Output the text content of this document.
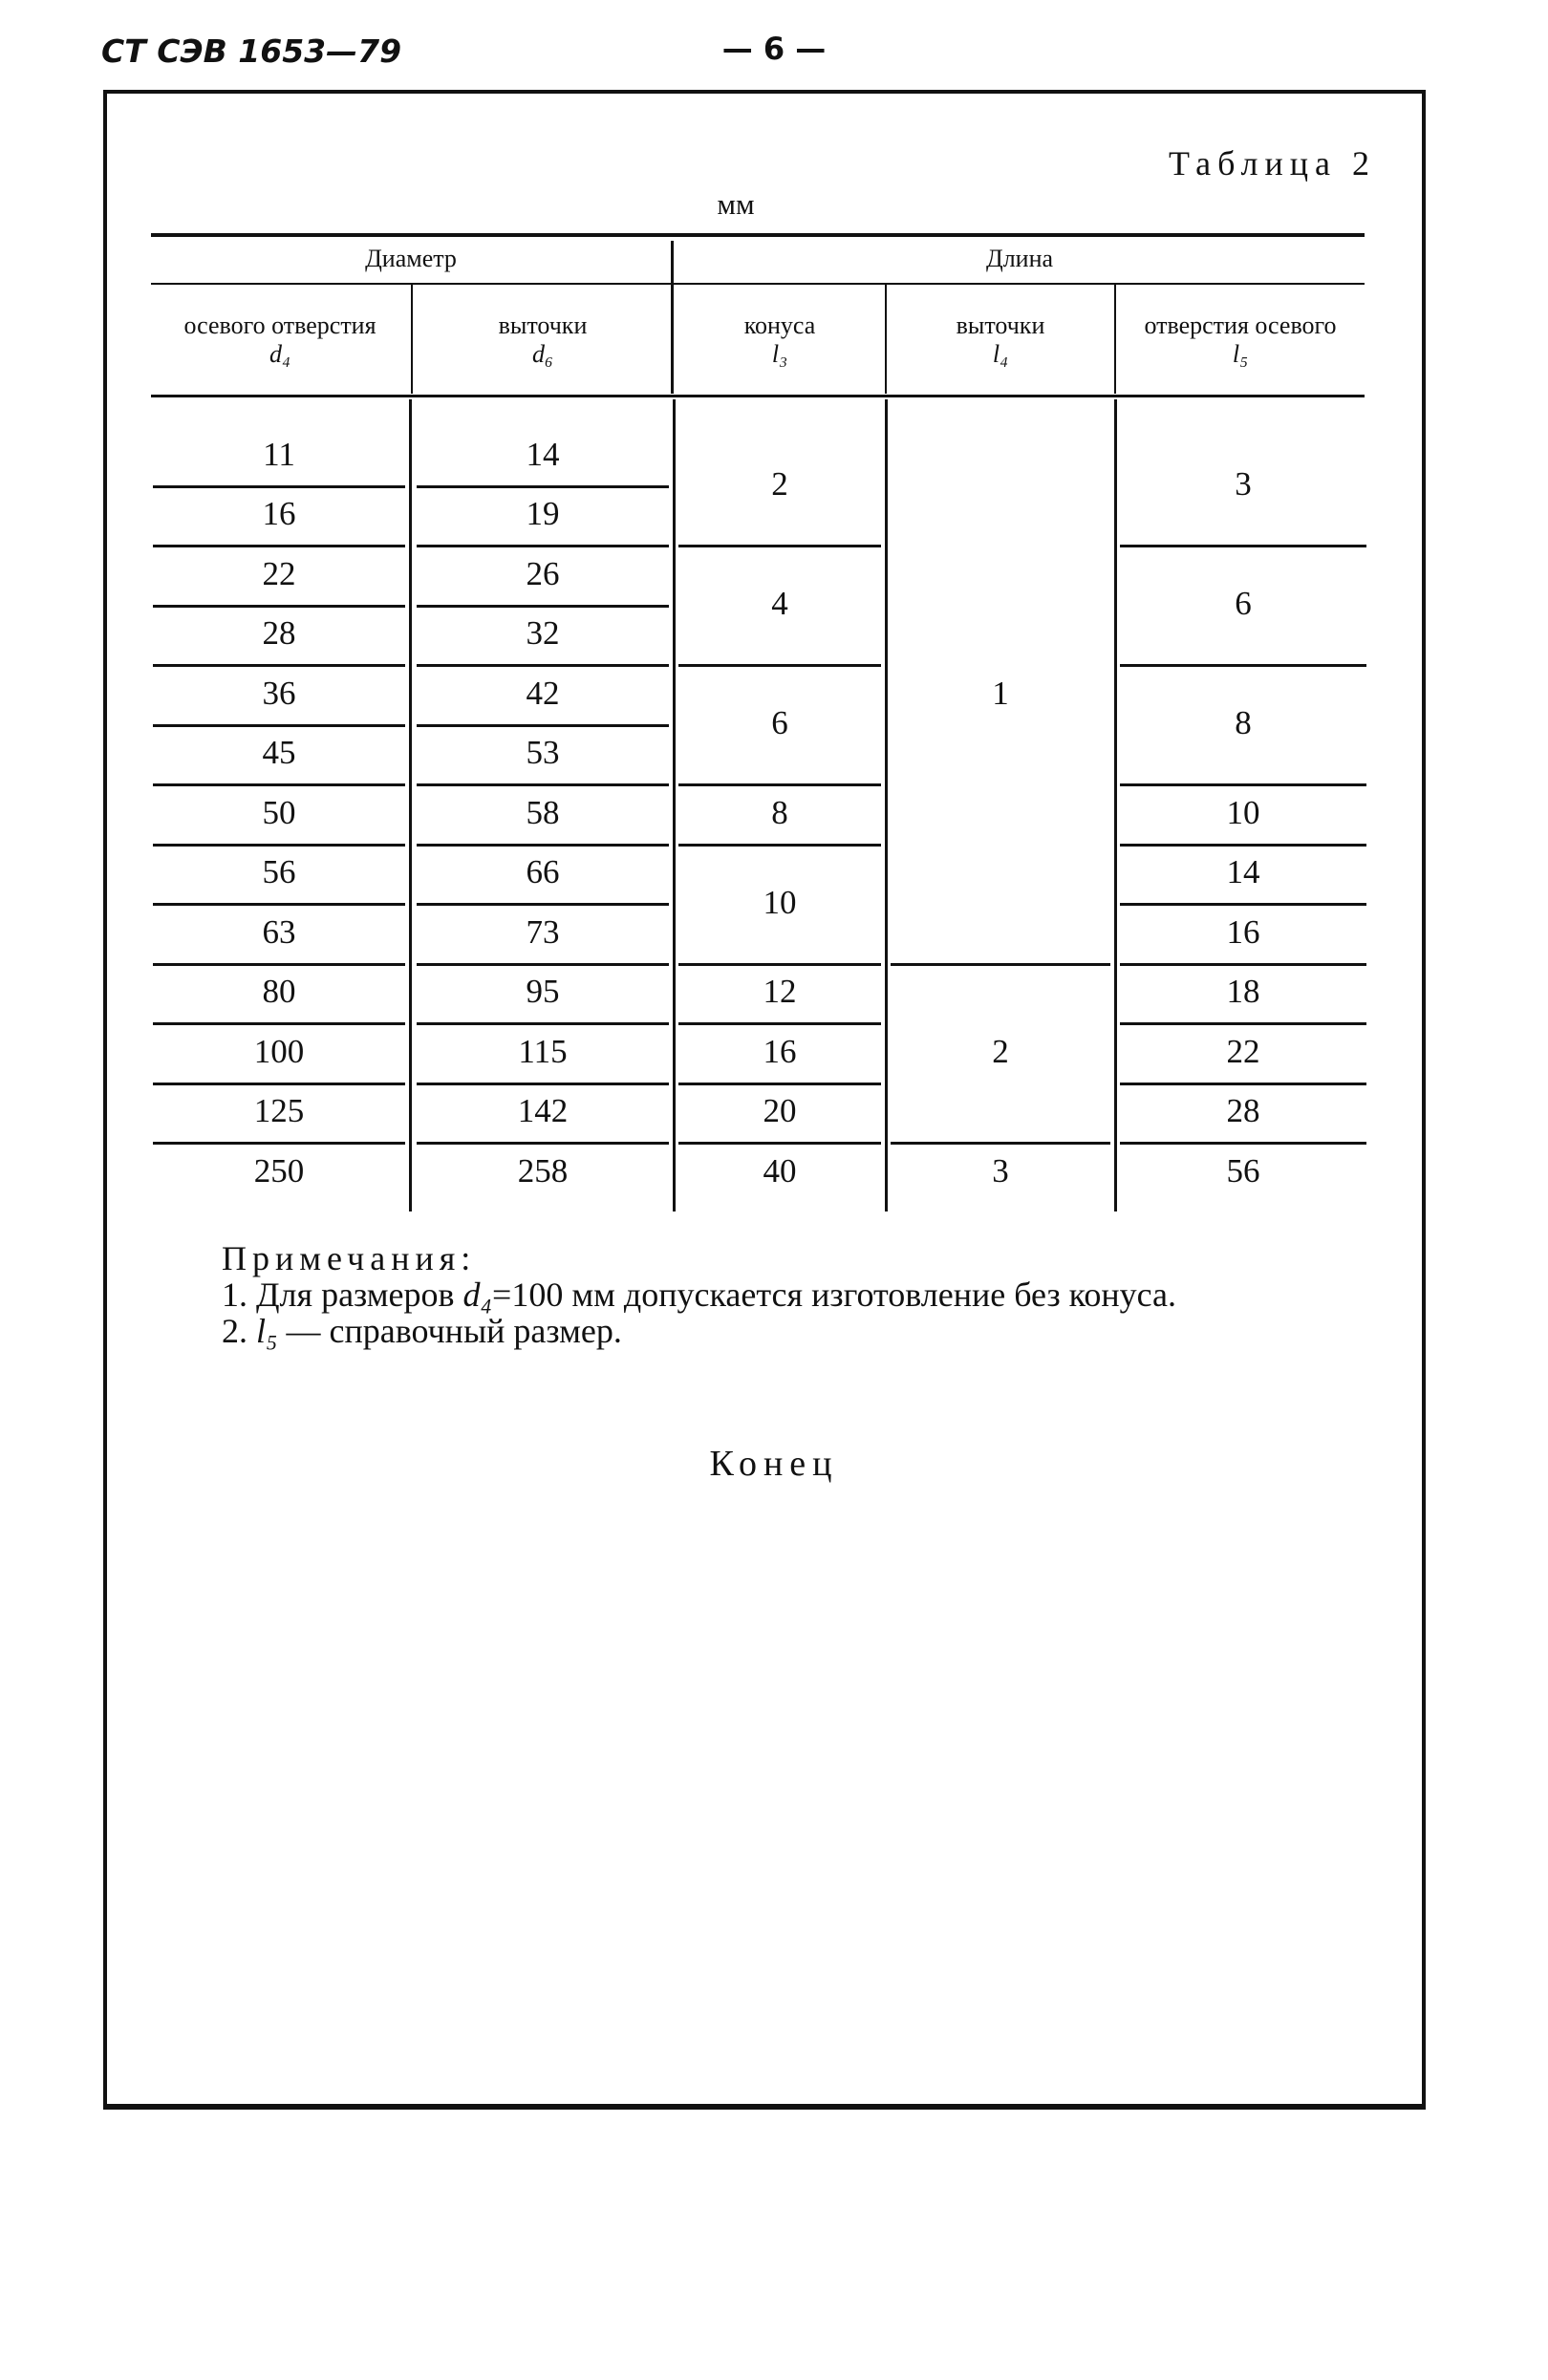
СТ СЭВ 1653—79	— 6 —
Таблица 2
мм
Диаметр	Длина
осевого отверстия
d₄
выточки
d₆
конуса
l₃
выточки
l₄
отверстия осевого
l₅
11
16
22
28
36
45
50
56
63
80
100
125
250
14
19
26
32
42
53
58
66
73
95
115
142
258
2
4
6
8
10
12
16
20
40
1
2
3
3
6
8
10
14
16
18
22
28
56
Примечания:
1. Для размеров d₄=100 мм допускается изготовление без конуса.
2. l₅ — справочный размер.
Конец
